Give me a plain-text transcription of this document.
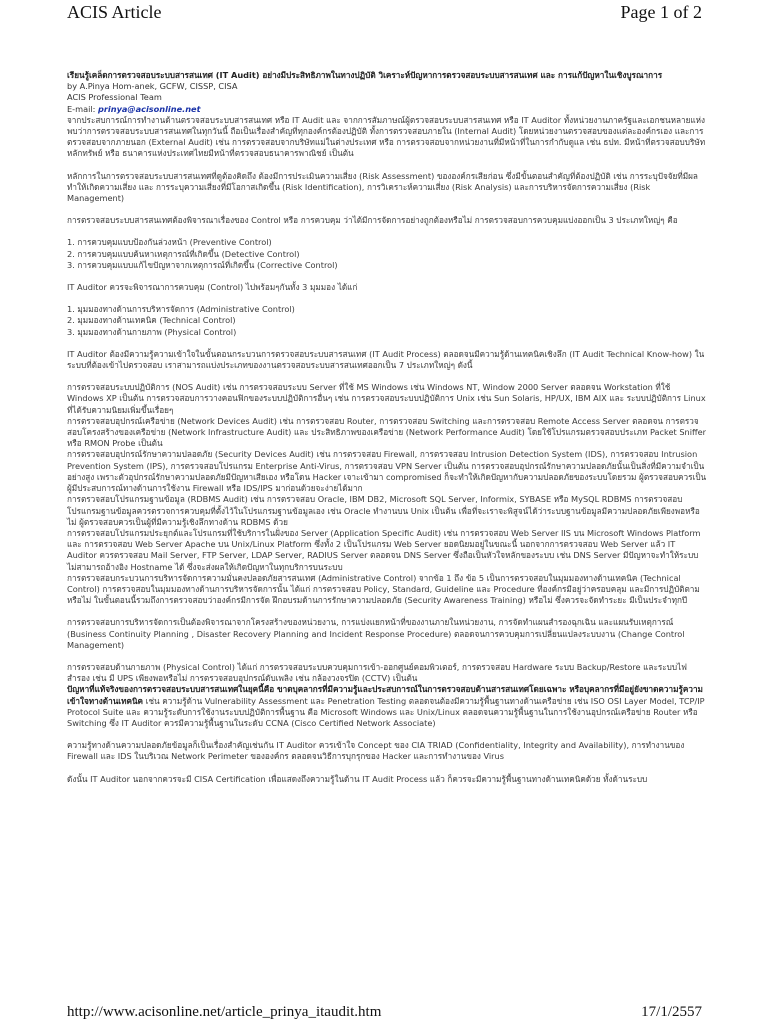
ACIS Article	Page 1 of 2

เรียนรู้เคล็ดการตรวจสอบระบบสารสนเทศ (IT Audit) อย่างมีประสิทธิภาพในทางปฏิบัติ วิเคราะห์ปัญหาการตรวจสอบระบบสารสนเทศ และ การแก้ปัญหาในเชิงบูรณาการ

by A.Pinya Hom-anek, GCFW, CISSP, CISA

ACIS Professional Team

E-mail: prinya@acisonline.net

จากประสบการณ์การทำงานด้านตรวจสอบระบบสารสนเทศ หรือ IT Audit และ จากการสัมภาษณ์ผู้ตรวจสอบระบบสารสนเทศ หรือ IT Auditor ทั้งหน่วยงานภาครัฐและเอกชนหลายแห่ง พบว่าการตรวจสอบระบบสารสนเทศในทุกวันนี้ ถือเป็นเรื่องสำคัญที่ทุกองค์กรต้องปฏิบัติ ทั้งการตรวจสอบภายใน (Internal Audit) โดยหน่วยงานตรวจสอบของแต่ละองค์กรเอง และการตรวจสอบจากภายนอก (External Audit) เช่น การตรวจสอบจากบริษัทแม่ในต่างประเทศ หรือ การตรวจสอบจากหน่วยงานที่มีหน้าที่ในการกำกับดูแล เช่น ธปท. มีหน้าที่ตรวจสอบบริษัทหลักทรัพย์ หรือ ธนาคารแห่งประเทศไทยมีหน้าที่ตรวจสอบธนาคารพาณิชย์ เป็นต้น

หลักการในการตรวจสอบระบบสารสนเทศที่ดูต้องคิดถึง ต้องมีการประเมินความเสี่ยง (Risk Assessment) ขององค์กรเสียก่อน ซึ่งมีขั้นตอนสำคัญที่ต้องปฏิบัติ เช่น การระบุปัจจัยที่มีผลทำให้เกิดความเสี่ยง และ การระบุความเสี่ยงที่มีโอกาสเกิดขึ้น (Risk Identification), การวิเคราะห์ความเสี่ยง (Risk Analysis) และการบริหารจัดการความเสี่ยง (Risk Management)

การตรวจสอบระบบสารสนเทศต้องพิจารณาเรื่องของ Control หรือ การควบคุม ว่าได้มีการจัดการอย่างถูกต้องหรือไม่ การตรวจสอบการควบคุมแบ่งออกเป็น 3 ประเภทใหญ่ๆ คือ

1. การควบคุมแบบป้องกันล่วงหน้า (Preventive Control)

2. การควบคุมแบบค้นหาเหตุการณ์ที่เกิดขึ้น (Detective Control)

3. การควบคุมแบบแก้ไขปัญหาจากเหตุการณ์ที่เกิดขึ้น (Corrective Control)

IT Auditor ควรจะพิจารณาการควบคุม (Control) ไปพร้อมๆกันทั้ง 3 มุมมอง ได้แก่

1. มุมมองทางด้านการบริหารจัดการ (Administrative Control)

2. มุมมองทางด้านเทคนิค (Technical Control)

3. มุมมองทางด้านกายภาพ (Physical Control)

IT Auditor ต้องมีความรู้ความเข้าใจในขั้นตอนกระบวนการตรวจสอบระบบสารสนเทศ (IT Audit Process) ตลอดจนมีความรู้ด้านเทคนิคเชิงลึก (IT Audit Technical Know-how) ในระบบที่ต้องเข้าไปตรวจสอบ เราสามารถแบ่งประเภทของงานตรวจสอบระบบสารสนเทศออกเป็น 7 ประเภทใหญ่ๆ ดังนี้

การตรวจสอบระบบปฏิบัติการ (NOS Audit) เช่น การตรวจสอบระบบ Server ที่ใช้ MS Windows เช่น Windows NT, Window 2000 Server ตลอดจน Workstation ที่ใช้ Windows XP เป็นต้น การตรวจสอบการวางคอนฟิกของระบบปฏิบัติการอื่นๆ เช่น การตรวจสอบระบบปฏิบัติการ Unix เช่น Sun Solaris, HP/UX, IBM AIX และ ระบบปฏิบัติการ Linux ที่ได้รับความนิยมเพิ่มขึ้นเรื่อยๆ

การตรวจสอบอุปกรณ์เครือข่าย (Network Devices Audit) เช่น การตรวจสอบ Router, การตรวจสอบ Switching และการตรวจสอบ Remote Access Server ตลอดจน การตรวจสอบโครงสร้างของเครือข่าย (Network Infrastructure Audit) และ ประสิทธิภาพของเครือข่าย (Network Performance Audit) โดยใช้โปรแกรมตรวจสอบประเภท Packet Sniffer หรือ RMON Probe เป็นต้น

การตรวจสอบอุปกรณ์รักษาความปลอดภัย (Security Devices Audit) เช่น การตรวจสอบ Firewall, การตรวจสอบ Intrusion Detection System (IDS), การตรวจสอบ Intrusion Prevention System (IPS), การตรวจสอบโปรแกรม Enterprise Anti-Virus, การตรวจสอบ VPN Server เป็นต้น การตรวจสอบอุปกรณ์รักษาความปลอดภัยนั้นเป็นสิ่งที่มีความจำเป็นอย่างสูง เพราะตัวอุปกรณ์รักษาความปลอดภัยมีปัญหาเสียเอง หรือโดน Hacker เจาะเข้ามา compromised ก็จะทำให้เกิดปัญหากับความปลอดภัยของระบบโดยรวม ผู้ตรวจสอบควรเป็นผู้มีประสบการณ์ทางด้านการใช้งาน Firewall หรือ IDS/IPS มาก่อนด้วยจะง่ายได้มาก

การตรวจสอบโปรแกรมฐานข้อมูล (RDBMS Audit) เช่น การตรวจสอบ Oracle, IBM DB2, Microsoft SQL Server, Informix, SYBASE หรือ MySQL RDBMS การตรวจสอบโปรแกรมฐานข้อมูลควรตรวจการควบคุมที่ตั้งไว้ในโปรแกรมฐานข้อมูลเอง เช่น Oracle ทำงานบน Unix เป็นต้น เพื่อที่จะเราจะพิสูจน์ได้ว่าระบบฐานข้อมูลมีความปลอดภัยเพียงพอหรือไม่ ผู้ตรวจสอบควรเป็นผู้ที่มีความรู้เชิงลึกทางด้าน RDBMS ด้วย

การตรวจสอบโปรแกรมประยุกต์และโปรแกรมที่ใช้บริการในฝั่งของ Server (Application Specific Audit) เช่น การตรวจสอบ Web Server IIS บน Microsoft Windows Platform และ การตรวจสอบ Web Server Apache บน Unix/Linux Platform ซึ่งทั้ง 2 เป็นโปรแกรม Web Server ยอดนิยมอยู่ในขณะนี้ นอกจากการตรวจสอบ Web Server แล้ว IT Auditor ควรตรวจสอบ Mail Server, FTP Server, LDAP Server, RADIUS Server ตลอดจน DNS Server ซึ่งถือเป็นหัวใจหลักของระบบ เช่น DNS Server มีปัญหาจะทำให้ระบบไม่สามารถอ้างอิง Hostname ได้ ซึ่งจะส่งผลให้เกิดปัญหาในทุกบริการบนระบบ

การตรวจสอบกระบวนการบริหารจัดการความมั่นคงปลอดภัยสารสนเทศ (Administrative Control) จากข้อ 1 ถึง ข้อ 5 เป็นการตรวจสอบในมุมมองทางด้านเทคนิค (Technical Control) การตรวจสอบในมุมมองทางด้านการบริหารจัดการนั้น ได้แก่ การตรวจสอบ Policy, Standard, Guideline และ Procedure ที่องค์กรมีอยู่ว่าครอบคลุม และมีการปฏิบัติตามหรือไม่ ในขั้นตอนนี้รวมถึงการตรวจสอบว่าองค์กรมีการจัด ฝึกอบรมด้านการรักษาความปลอดภัย (Security Awareness Training) หรือไม่ ซึ่งควรจะจัดทำระยะ มีเป็นประจำทุกปี

การตรวจสอบการบริหารจัดการเป็นต้องพิจารณาจากโครงสร้างของหน่วยงาน, การแบ่งแยกหน้าที่ของงานภายในหน่วยงาน, การจัดทำแผนสำรองฉุกเฉิน และแผนรับเหตุการณ์ (Business Continuity Planning , Disaster Recovery Planning and Incident Response Procedure) ตลอดจนการควบคุมการเปลี่ยนแปลงระบบงาน (Change Control Management)

การตรวจสอบด้านกายภาพ (Physical Control) ได้แก่ การตรวจสอบระบบควบคุมการเข้า-ออกศูนย์คอมพิวเตอร์, การตรวจสอบ Hardware ระบบ Backup/Restore และระบบไฟสำรอง เช่น มี UPS เพียงพอหรือไม่ การตรวจสอบอุปกรณ์ดับเพลิง เช่น กล้องวงจรปิด (CCTV) เป็นต้น

ปัญหาที่แท้จริงของการตรวจสอบระบบสารสนเทศในยุคนี้คือ ขาดบุคลากรที่มีความรู้และประสบการณ์ในการตรวจสอบด้านสารสนเทศโดยเฉพาะ หรือบุคลากรที่มีอยู่ยังขาดความรู้ความเข้าใจทางด้านเทคนิค เช่น ความรู้ด้าน Vulnerability Assessment และ Penetration Testing ตลอดจนต้องมีความรู้พื้นฐานทางด้านเครือข่าย เช่น ISO OSI Layer Model, TCP/IP Protocol Suite และ ความรู้ระดับการใช้งานระบบปฏิบัติการพื้นฐาน คือ Microsoft Windows และ Unix/Linux ตลอดจนความรู้พื้นฐานในการใช้งานอุปกรณ์เครือข่าย Router หรือ Switching ซึ่ง IT Auditor ควรมีความรู้พื้นฐานในระดับ CCNA (Cisco Certified Network Associate)

ความรู้ทางด้านความปลอดภัยข้อมูลก็เป็นเรื่องสำคัญเช่นกัน IT Auditor ควรเข้าใจ Concept ของ CIA TRIAD (Confidentiality, Integrity and Availability), การทำงานของ Firewall และ IDS ในบริเวณ Network Perimeter ขององค์กร ตลอดจนวิธีการบุกรุกของ Hacker และการทำงานของ Virus

ดังนั้น IT Auditor นอกจากควรจะมี CISA Certification เพื่อแสดงถึงความรู้ในด้าน IT Audit Process แล้ว ก็ควรจะมีความรู้พื้นฐานทางด้านเทคนิคด้วย ทั้งด้านระบบ

http://www.acisonline.net/article_prinya_itaudit.htm	17/1/2557
